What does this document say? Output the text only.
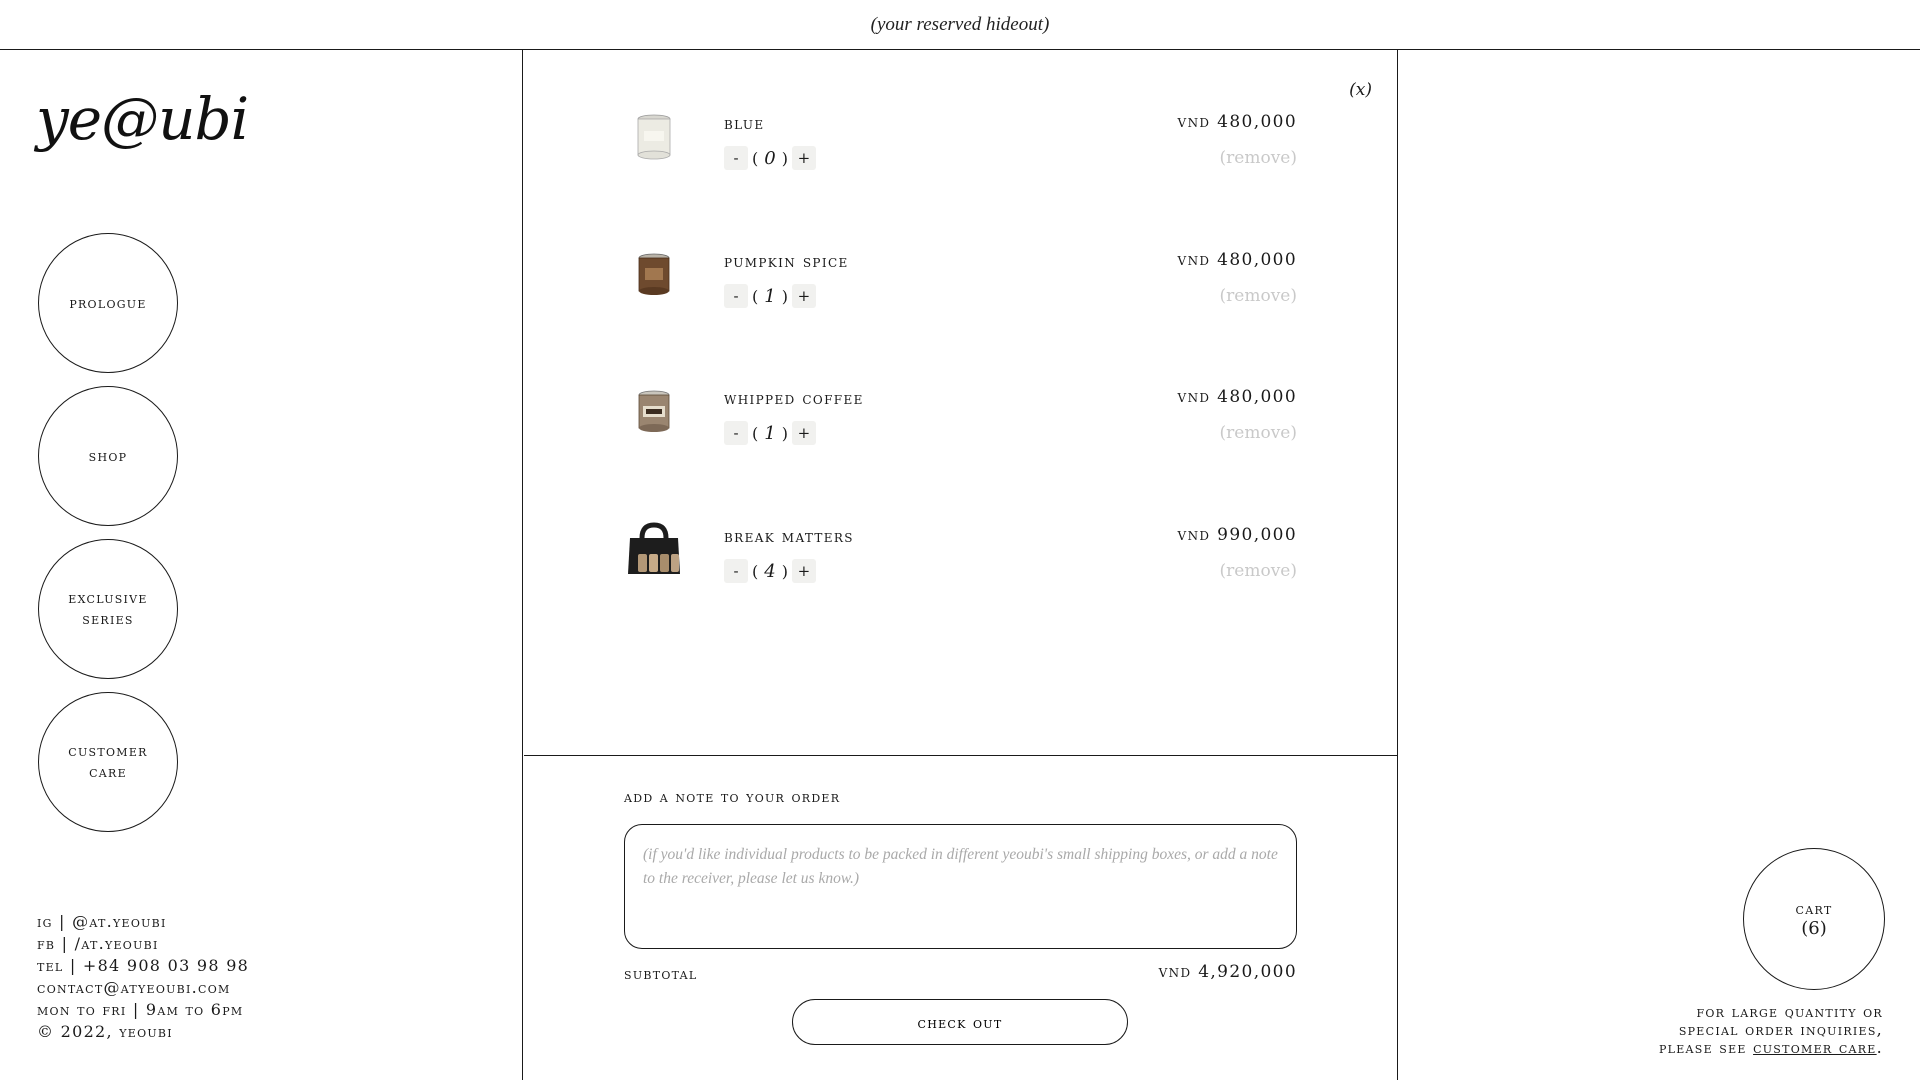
(your reserved hideout)
ye@ubi
prologue
shop
exclusive series
customer care
ig | @at.yeoubi
fb | /at.yeoubi
tel | +84 908 03 98 98
contact@atyeoubi.com
mon to fri | 9am to 6pm
© 2022, yeoubi
(x)
blue	vnd 480,000
- ( 0 ) +	(remove)
pumpkin spice	vnd 480,000
- ( 1 ) +	(remove)
whipped coffee	vnd 480,000
- ( 1 ) +	(remove)
break matters	vnd 990,000
- ( 4 ) +	(remove)
add a note to your order
(if you'd like individual products to be packed in different yeoubi's small shipping boxes, or add a note to the receiver, please let us know.)
subtotal	vnd 4,920,000
check out
cart
(6)
for large quantity or
special order inquiries,
please see customer care.
